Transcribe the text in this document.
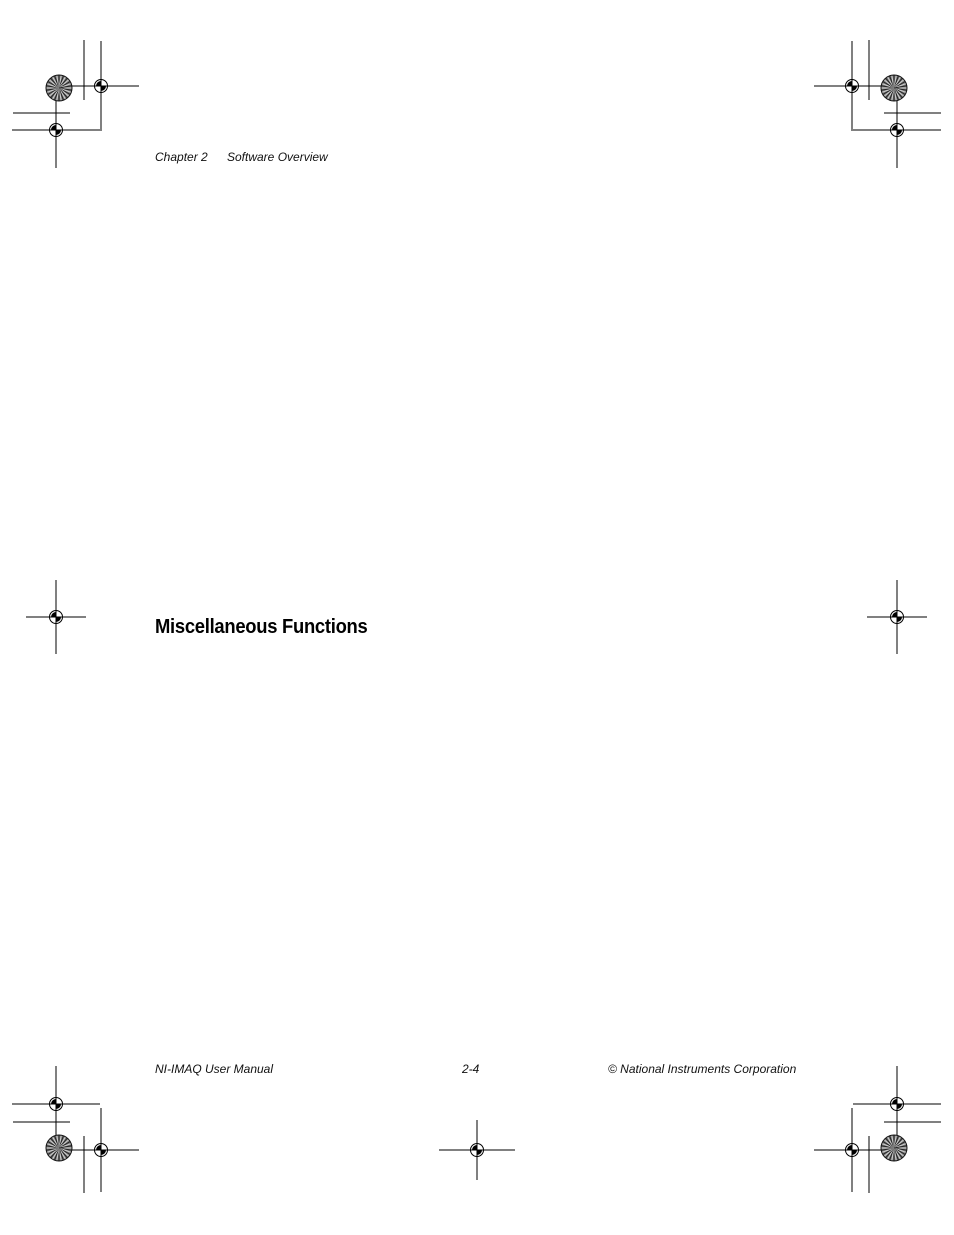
Chapter 2 Software Overview
Miscellaneous Functions
NI-IMAQ User Manual	2-4	© National Instruments Corporation
